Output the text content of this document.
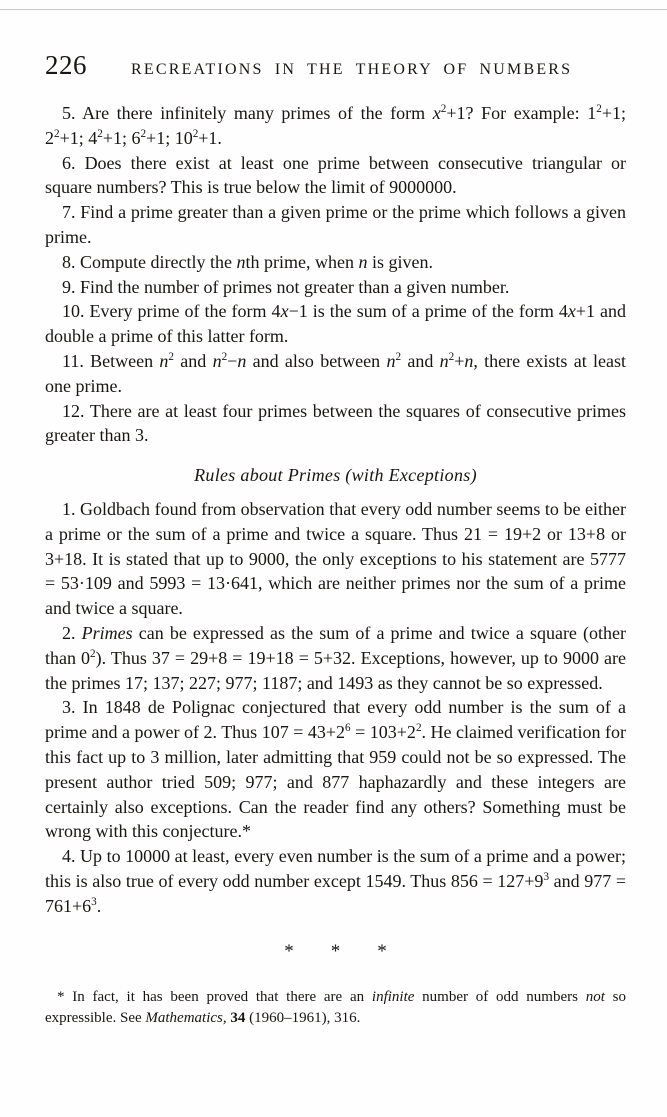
226	RECREATIONS IN THE THEORY OF NUMBERS

5. Are there infinitely many primes of the form $x^2+1$? For example: $1^2+1$; $2^2+1$; $4^2+1$; $6^2+1$; $10^2+1$.

6. Does there exist at least one prime between consecutive triangular or square numbers? This is true below the limit of 9000000.

7. Find a prime greater than a given prime or the prime which follows a given prime.

8. Compute directly the nth prime, when n is given.

9. Find the number of primes not greater than a given number.

10. Every prime of the form 4x−1 is the sum of a prime of the form 4x+1 and double a prime of this latter form.

11. Between $n^2$ and $n^2-n$ and also between $n^2$ and $n^2+n$, there exists at least one prime.

12. There are at least four primes between the squares of consecutive primes greater than 3.

Rules about Primes (with Exceptions)

1. Goldbach found from observation that every odd number seems to be either a prime or the sum of a prime and twice a square. Thus 21 = 19+2 or 13+8 or 3+18. It is stated that up to 9000, the only exceptions to his statement are 5777 = 53·109 and 5993 = 13·641, which are neither primes nor the sum of a prime and twice a square.

2. Primes can be expressed as the sum of a prime and twice a square (other than $0^2$). Thus 37 = 29+8 = 19+18 = 5+32. Exceptions, however, up to 9000 are the primes 17; 137; 227; 977; 1187; and 1493 as they cannot be so expressed.

3. In 1848 de Polignac conjectured that every odd number is the sum of a prime and a power of 2. Thus $107 = 43+2^6 = 103+2^2$. He claimed verification for this fact up to 3 million, later admitting that 959 could not be so expressed. The present author tried 509; 977; and 877 haphazardly and these integers are certainly also exceptions. Can the reader find any others? Something must be wrong with this conjecture.*

4. Up to 10000 at least, every even number is the sum of a prime and a power; this is also true of every odd number except 1549. Thus $856 = 127+9^3$ and $977 = 761+6^3$.

* * *
* In fact, it has been proved that there are an infinite number of odd numbers not so expressible. See Mathematics, 34 (1960–1961), 316.
